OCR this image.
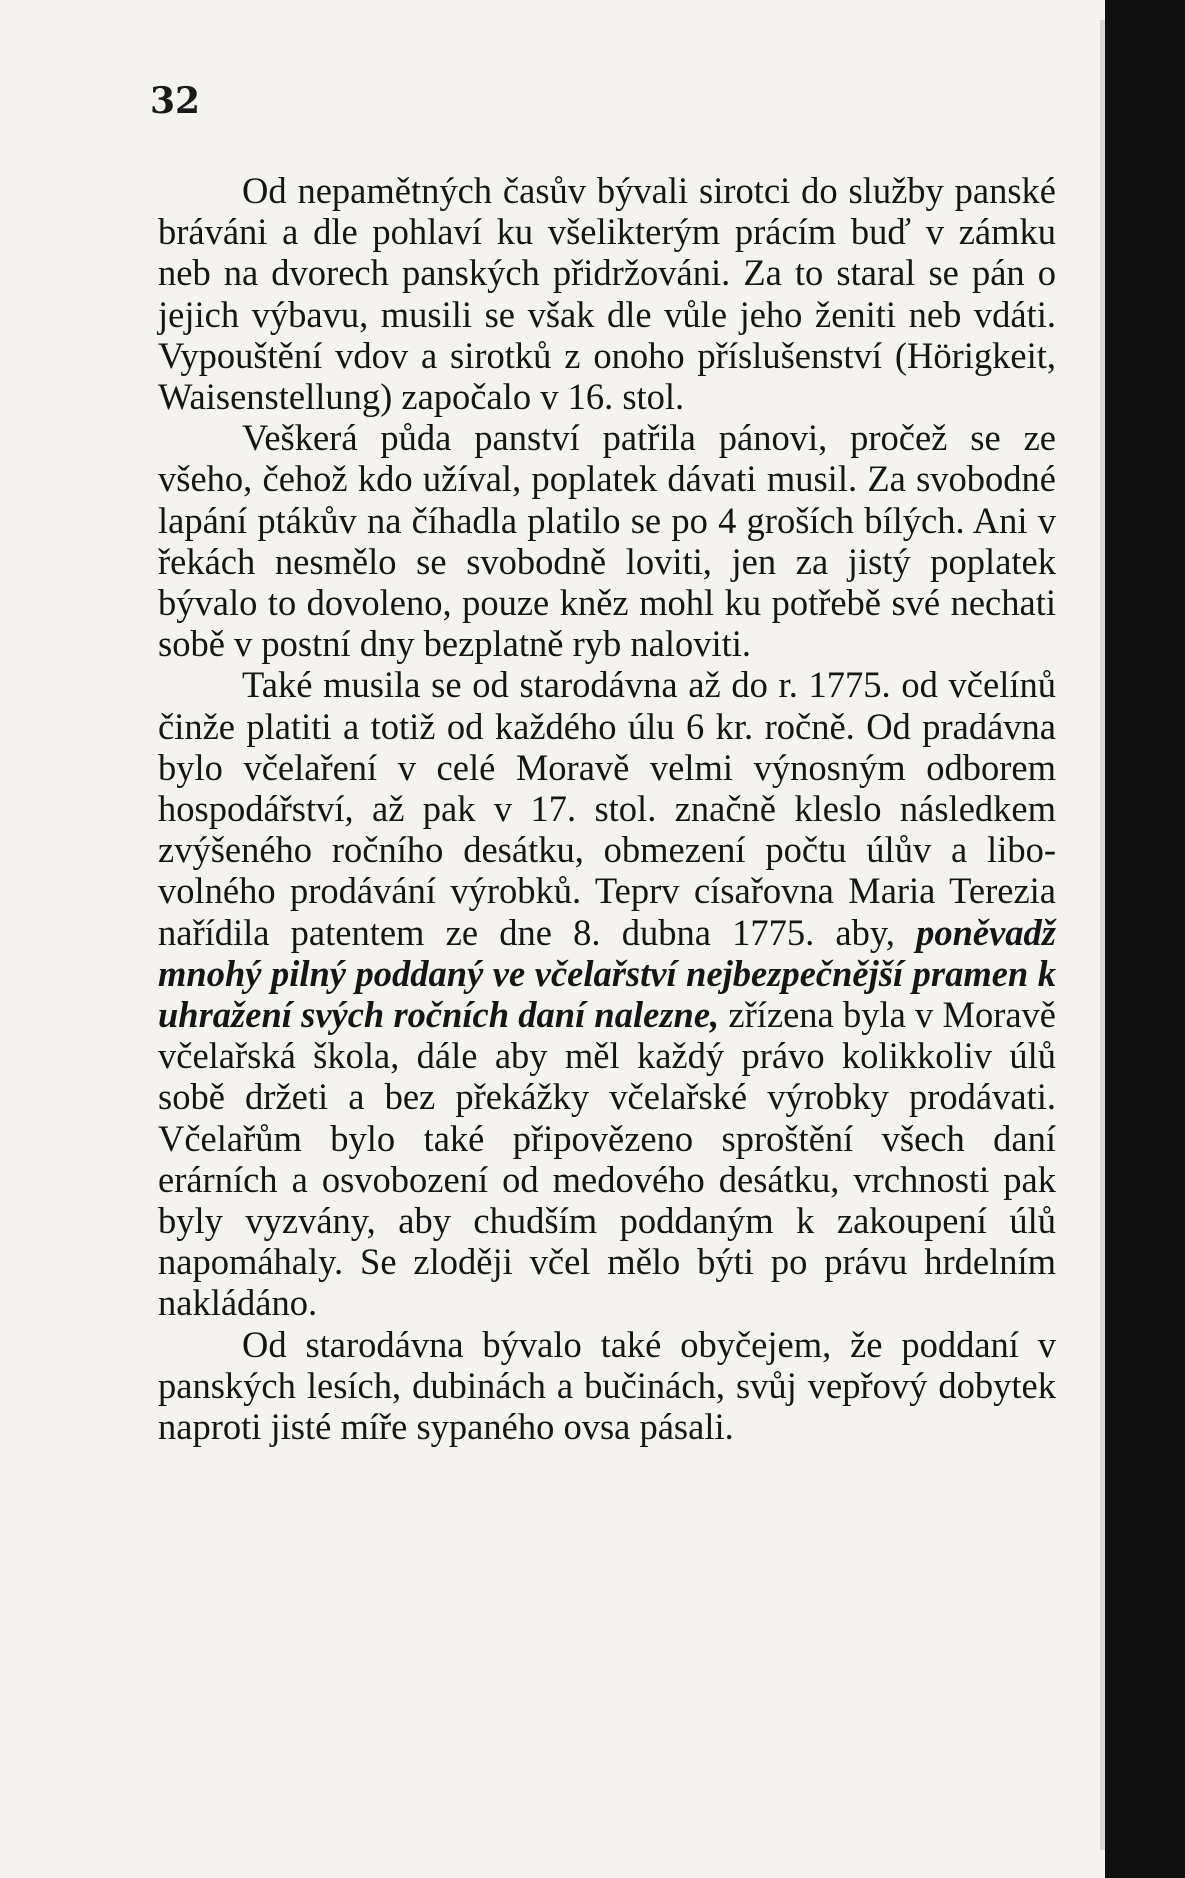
32

Od nepamětných časův bývali sirotci do služby panské bráváni a dle pohlaví ku všelikterým prácím buď v zámku neb na dvorech panských přidržováni. Za to staral se pán o jejich výbavu, musili se však dle vůle jeho ženiti neb vdáti. Vypouštění vdov a sirotků z onoho příslušenství (Hörigkeit, Waisenstellung) započalo v 16. stol.

Veškerá půda panství patřila pánovi, pročež se ze všeho, čehož kdo užíval, poplatek dávati musil. Za svobodné lapání ptákův na číhadla platilo se po 4 groších bílých. Ani v řekách nesmělo se svobodně loviti, jen za jistý poplatek bývalo to dovoleno, pouze kněz mohl ku potřebě své nechati sobě v postní dny bezplatně ryb naloviti.

Také musila se od starodávna až do r. 1775. od včelínů činže platiti a totiž od každého úlu 6 kr. ročně. Od pradávna bylo včelaření v celé Moravě velmi výnosným odborem hospodářství, až pak v 17. stol. značně kleslo následkem zvýšeného ročního desátku, obmezení počtu úlův a libovolného prodávání výrobků. Teprv císařovna Maria Terezia nařídila patentem ze dne 8. dubna 1775. aby, poněvadž mnohý pilný poddaný ve včelařství nejbezpečnější pramen k uhražení svých ročních daní nalezne, zřízena byla v Moravě včelařská škola, dále aby měl každý právo kolikkoliv úlů sobě držeti a bez překážky včelařské výrobky prodávati. Včelařům bylo také připovězeno sproštění všech daní erárních a osvobození od medového desátku, vrchnosti pak byly vyzvány, aby chudším poddaným k zakoupení úlů napomáhaly. Se zloději včel mělo býti po právu hrdelním nakládáno.

Od starodávna bývalo také obyčejem, že poddaní v panských lesích, dubinách a bučinách, svůj vepřový dobytek naproti jisté míře sypaného ovsa pásali.
